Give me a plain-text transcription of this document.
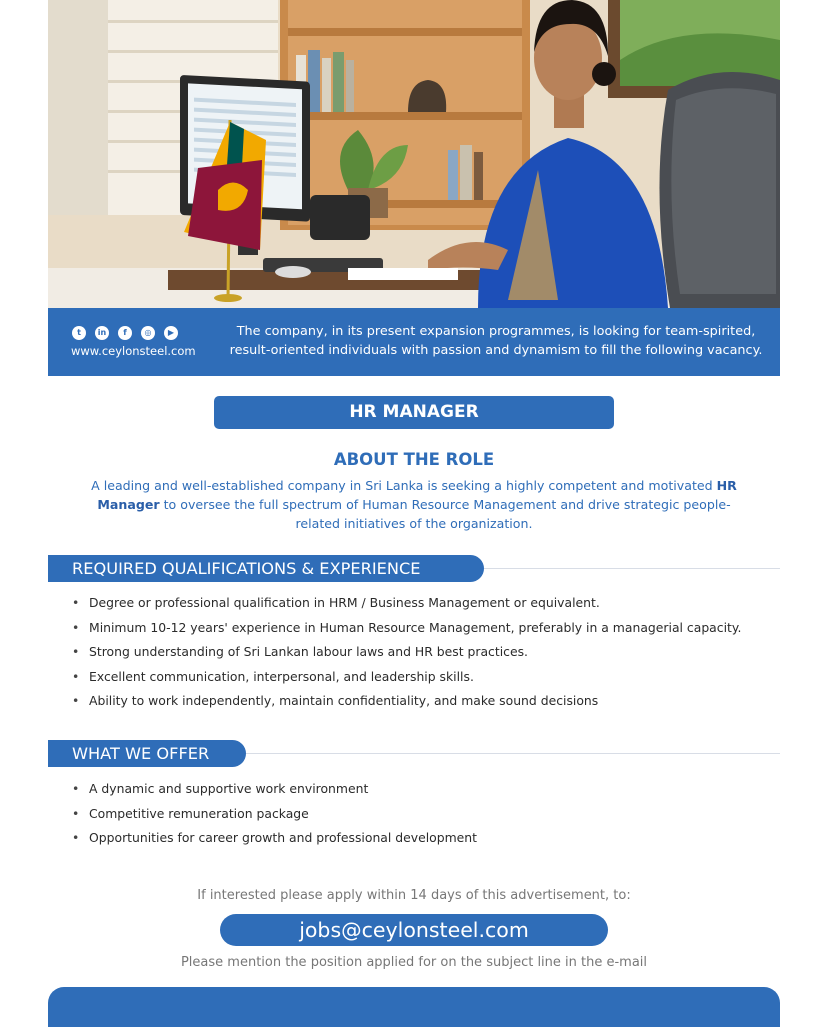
t	in	f	◎	▶
www.ceylonsteel.com
The company, in its present expansion programmes, is looking for team-spirited,
result-oriented individuals with passion and dynamism to fill the following vacancy.
HR MANAGER
ABOUT THE ROLE
A leading and well-established company in Sri Lanka is seeking a highly competent and motivated HR Manager to oversee the full spectrum of Human Resource Management and drive strategic people-related initiatives of the organization.
REQUIRED QUALIFICATIONS & EXPERIENCE
• Degree or professional qualification in HRM / Business Management or equivalent.
• Minimum 10-12 years' experience in Human Resource Management, preferably in a managerial capacity.
• Strong understanding of Sri Lankan labour laws and HR best practices.
• Excellent communication, interpersonal, and leadership skills.
• Ability to work independently, maintain confidentiality, and make sound decisions
WHAT WE OFFER
• A dynamic and supportive work environment
• Competitive remuneration package
• Opportunities for career growth and professional development
If interested please apply within 14 days of this advertisement, to:
jobs@ceylonsteel.com
Please mention the position applied for on the subject line in the e-mail
